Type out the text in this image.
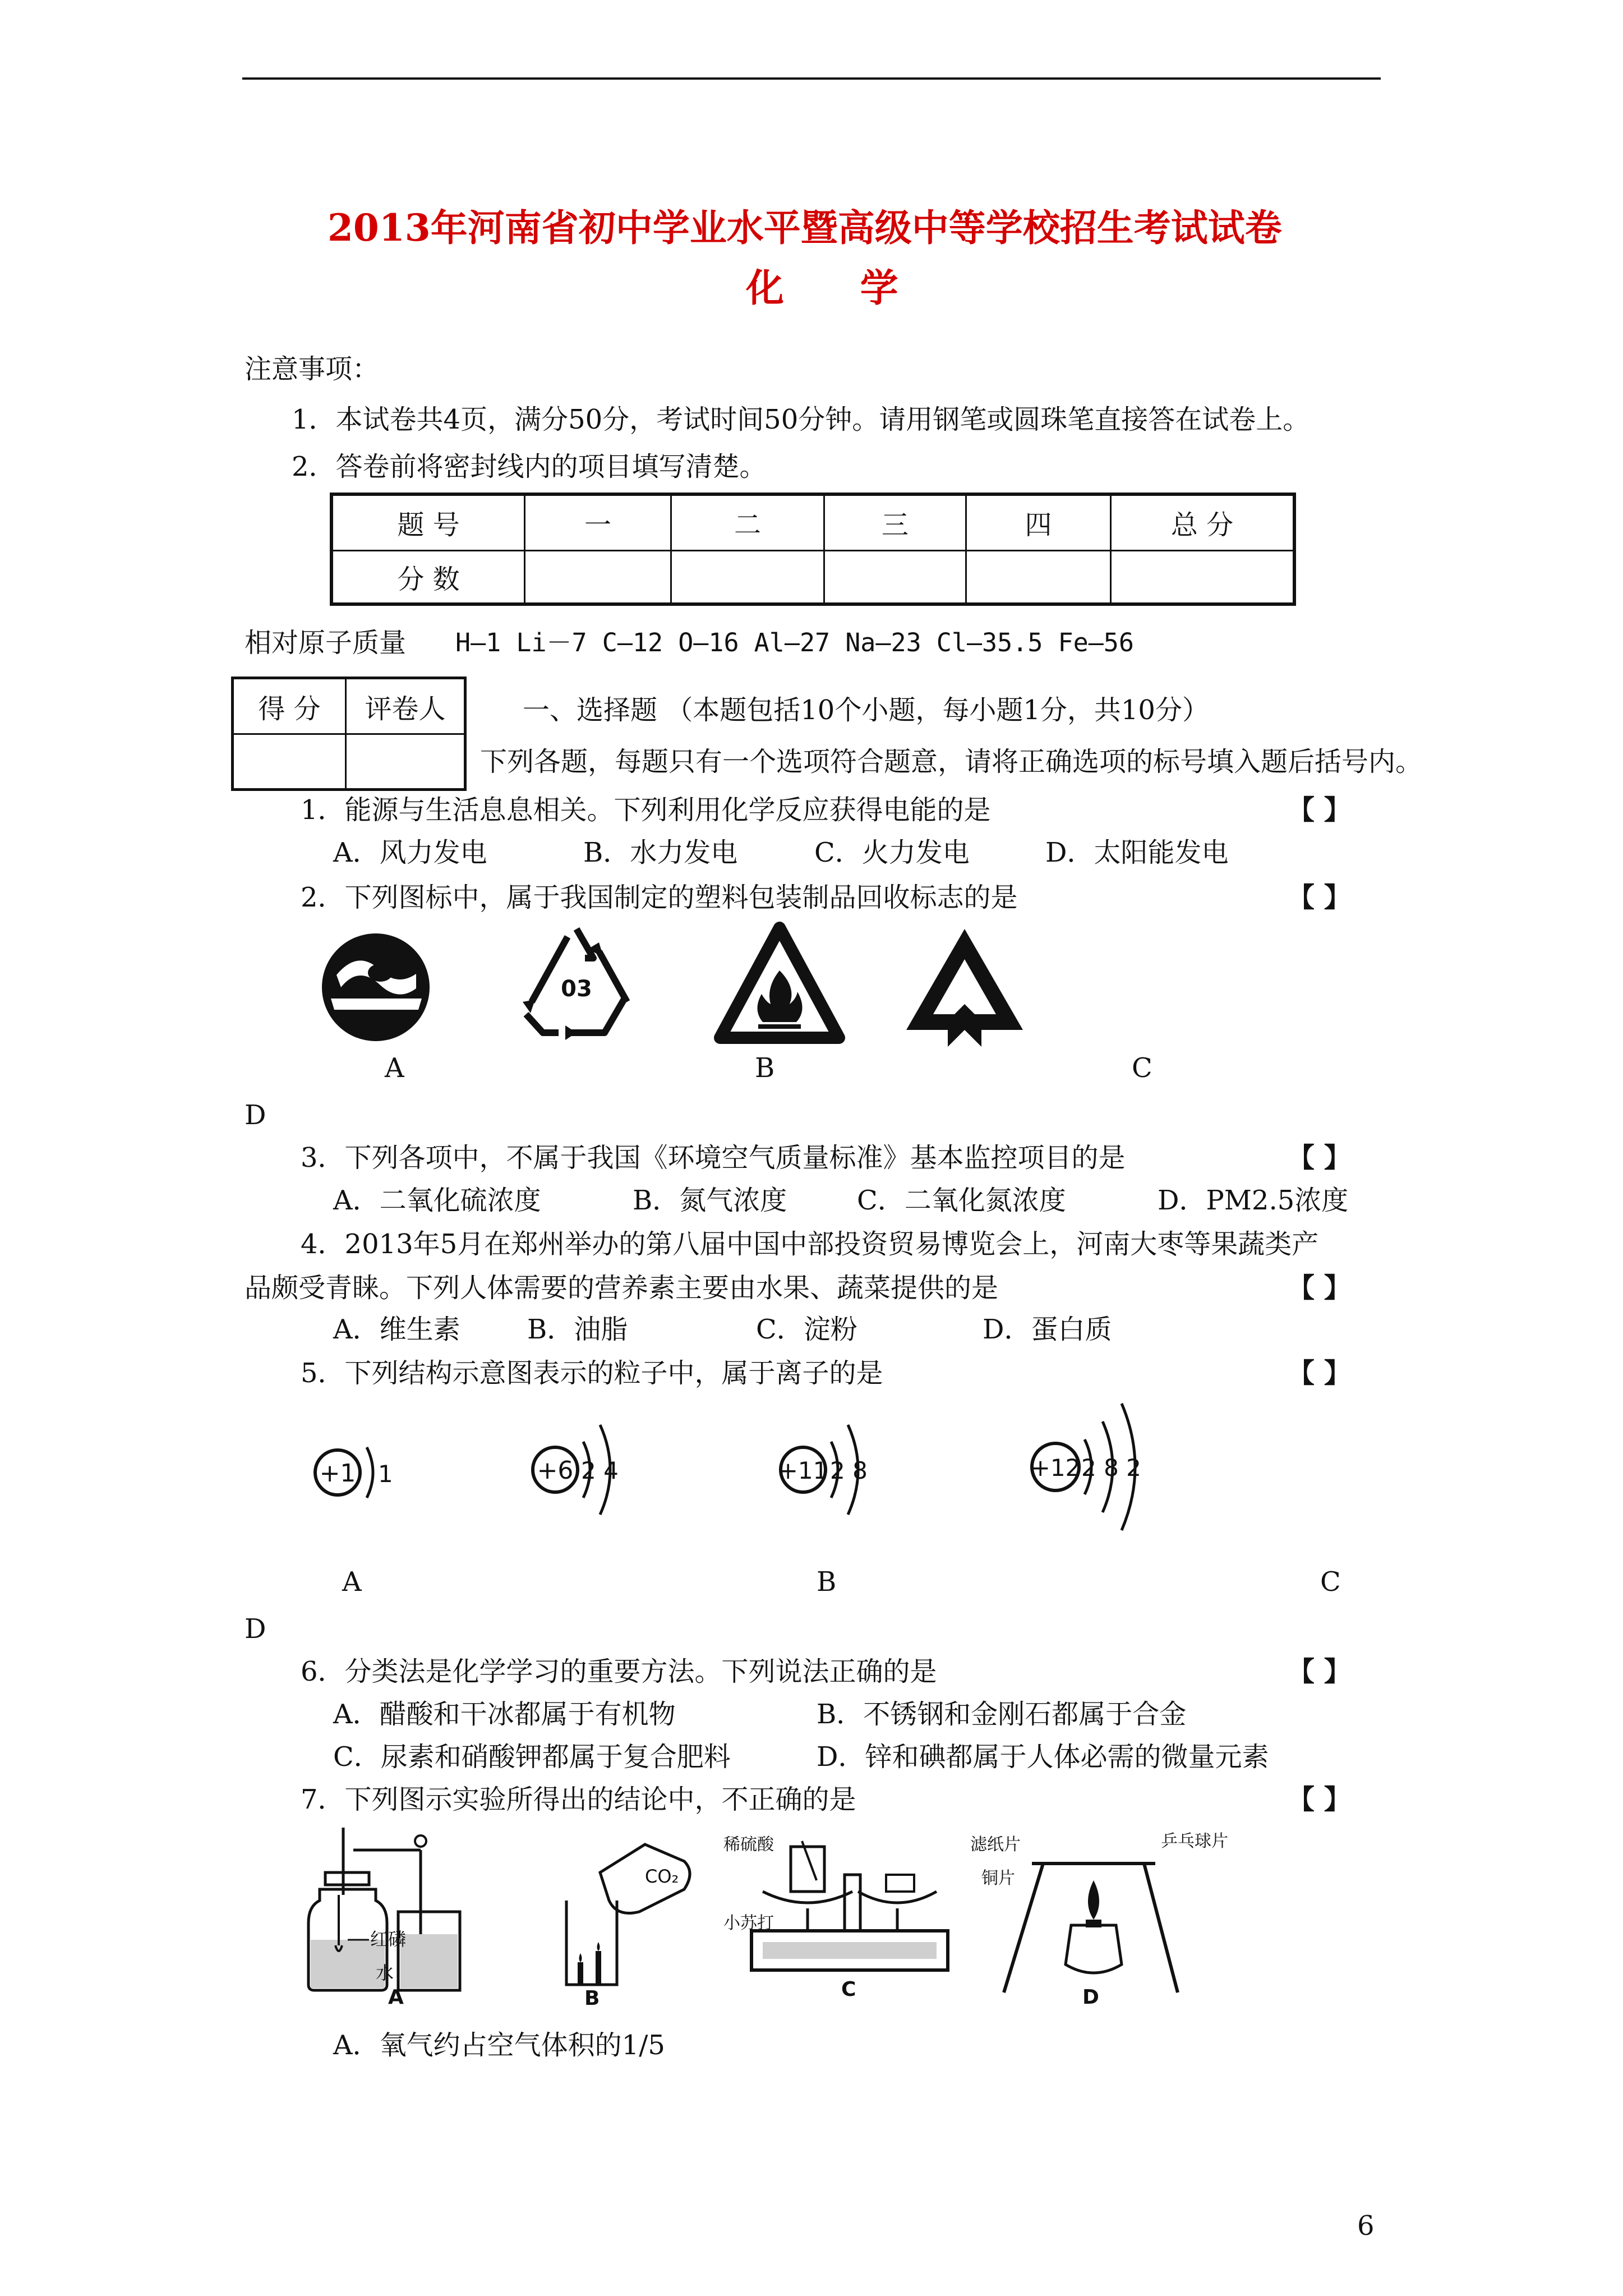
2013年河南省初中学业水平暨高级中等学校招生考试试卷
化 学
注意事项：
1．本试卷共4页，满分50分，考试时间50分钟。请用钢笔或圆珠笔直接答在试卷上。
2．答卷前将密封线内的项目填写清楚。
题 号	一	二	三	四	总 分
分 数					
相对原子质量 H—1 Li－7 C—12 O—16 Al—27 Na—23 Cl—35.5 Fe—56
得 分	评卷人
		一、选择题 （本题包括10个小题，每小题1分，共10分）
下列各题，每题只有一个选项符合题意，请将正确选项的标号填入题后括号内。
1．能源与生活息息相关。下列利用化学反应获得电能的是	【 】
A．风力发电	B．水力发电	C．火力发电	D．太阳能发电
2．下列图标中，属于我国制定的塑料包装制品回收标志的是	【 】
03
A	B	C
D
3．下列各项中，不属于我国《环境空气质量标准》基本监控项目的是	【 】
A．二氧化硫浓度	B．氮气浓度	C．二氧化氮浓度	D．PM2.5浓度
4．2013年5月在郑州举办的第八届中国中部投资贸易博览会上，河南大枣等果蔬类产
品颇受青睐。下列人体需要的营养素主要由水果、蔬菜提供的是	【 】
A．维生素 B．油脂	C．淀粉	D．蛋白质
5．下列结构示意图表示的粒子中，属于离子的是	【 】
+1 1	+6 2 4	+11 2 8	+12 2 8 2
A	B	C
D
6．分类法是化学学习的重要方法。下列说法正确的是	【 】
A．醋酸和干冰都属于有机物	B．不锈钢和金刚石都属于合金
C．尿素和硝酸钾都属于复合肥料	D．锌和碘都属于人体必需的微量元素
7．下列图示实验所得出的结论中，不正确的是	【 】
红磷
水
A
CO₂
B
稀硫酸
小苏打
C
滤纸片	乒乓球片
铜片
D
A．氧气约占空气体积的1/5
6
